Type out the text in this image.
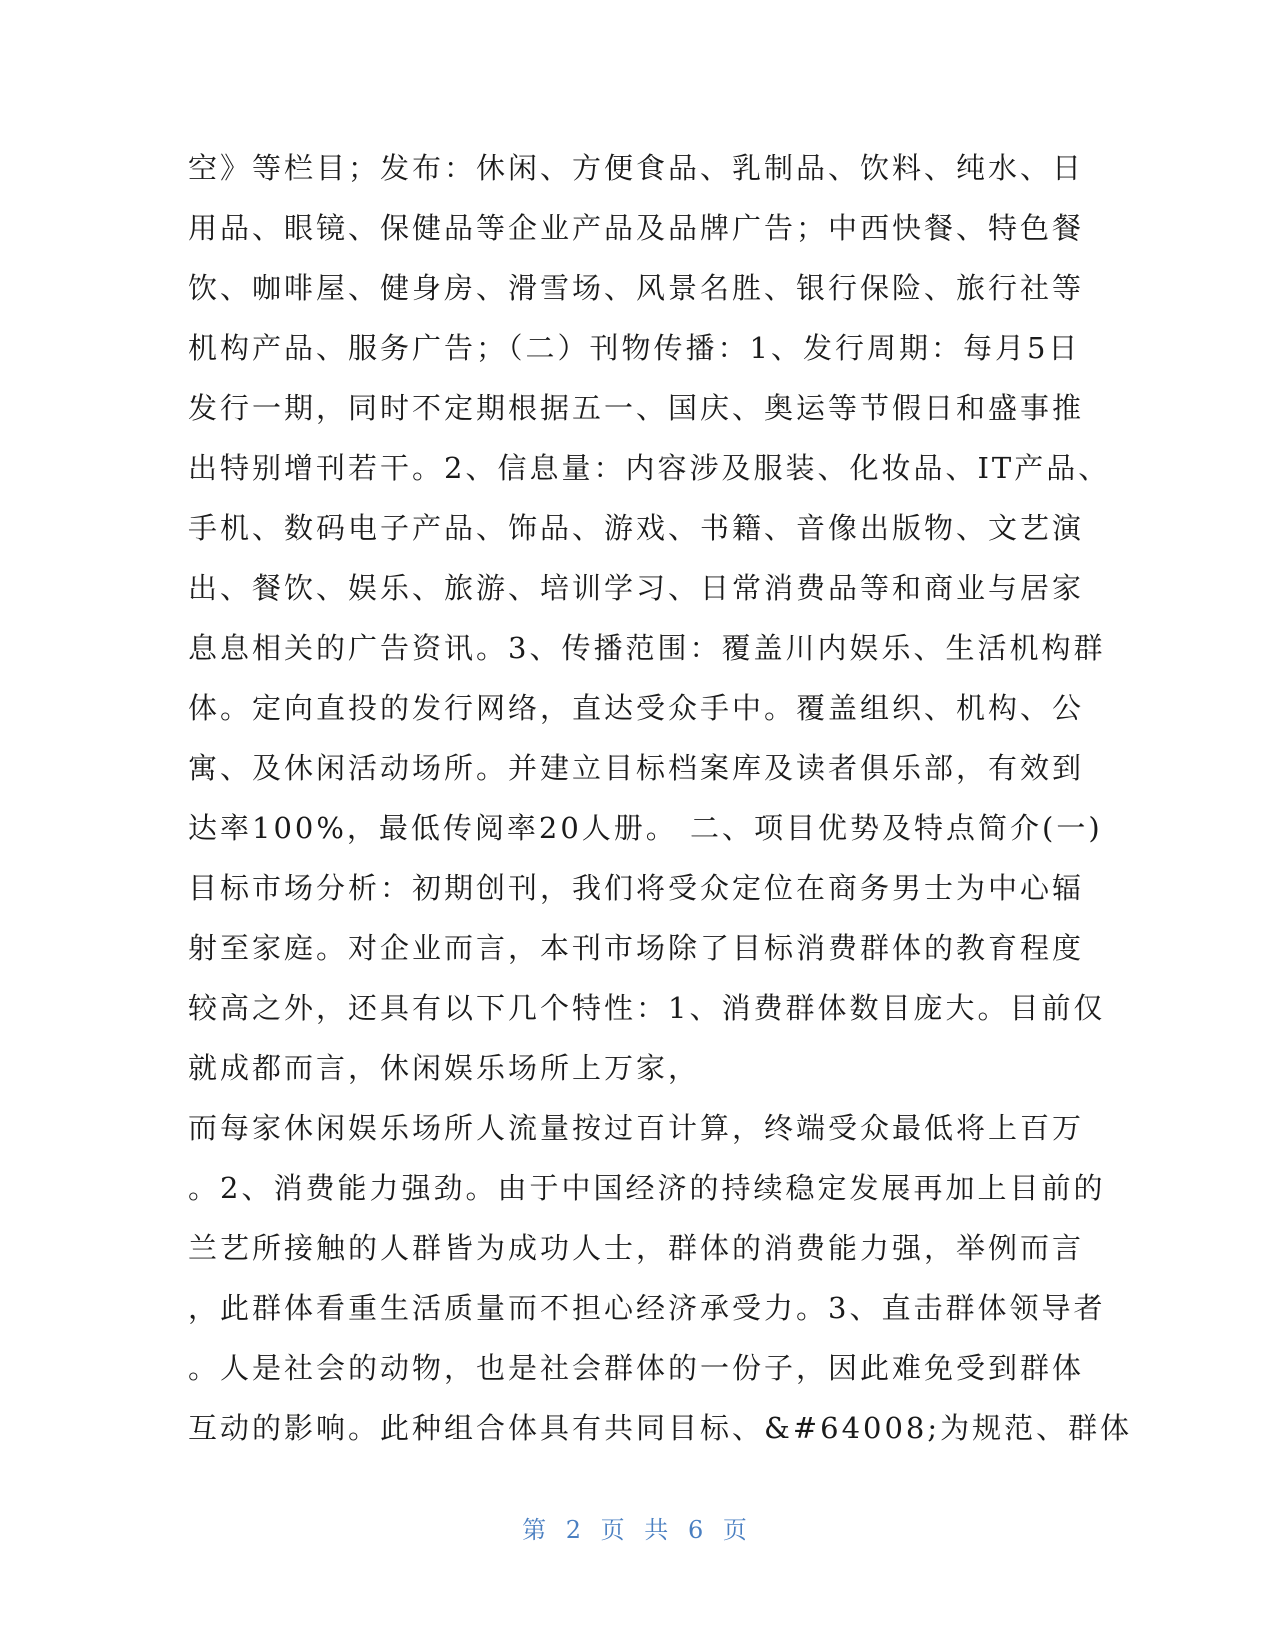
空》等栏目；发布：休闲、方便食品、乳制品、饮料、纯水、日
用品、眼镜、保健品等企业产品及品牌广告；中西快餐、特色餐
饮、咖啡屋、健身房、滑雪场、风景名胜、银行保险、旅行社等
机构产品、服务广告；（二）刊物传播：1、发行周期：每月5日
发行一期，同时不定期根据五一、国庆、奥运等节假日和盛事推
出特别增刊若干。2、信息量：内容涉及服装、化妆品、IT产品、
手机、数码电子产品、饰品、游戏、书籍、音像出版物、文艺演
出、餐饮、娱乐、旅游、培训学习、日常消费品等和商业与居家
息息相关的广告资讯。3、传播范围：覆盖川内娱乐、生活机构群
体。定向直投的发行网络，直达受众手中。覆盖组织、机构、公
寓、及休闲活动场所。并建立目标档案库及读者俱乐部，有效到
达率100%，最低传阅率20人册。 二、项目优势及特点简介(一)
目标市场分析：初期创刊，我们将受众定位在商务男士为中心辐
射至家庭。对企业而言，本刊市场除了目标消费群体的教育程度
较高之外，还具有以下几个特性：1、消费群体数目庞大。目前仅
就成都而言，休闲娱乐场所上万家，
而每家休闲娱乐场所人流量按过百计算，终端受众最低将上百万
。2、消费能力强劲。由于中国经济的持续稳定发展再加上目前的
兰艺所接触的人群皆为成功人士，群体的消费能力强，举例而言
，此群体看重生活质量而不担心经济承受力。3、直击群体领导者
。人是社会的动物，也是社会群体的一份子，因此难免受到群体
互动的影响。此种组合体具有共同目标、&#64008;为规范、群体
第 2 页 共 6 页
